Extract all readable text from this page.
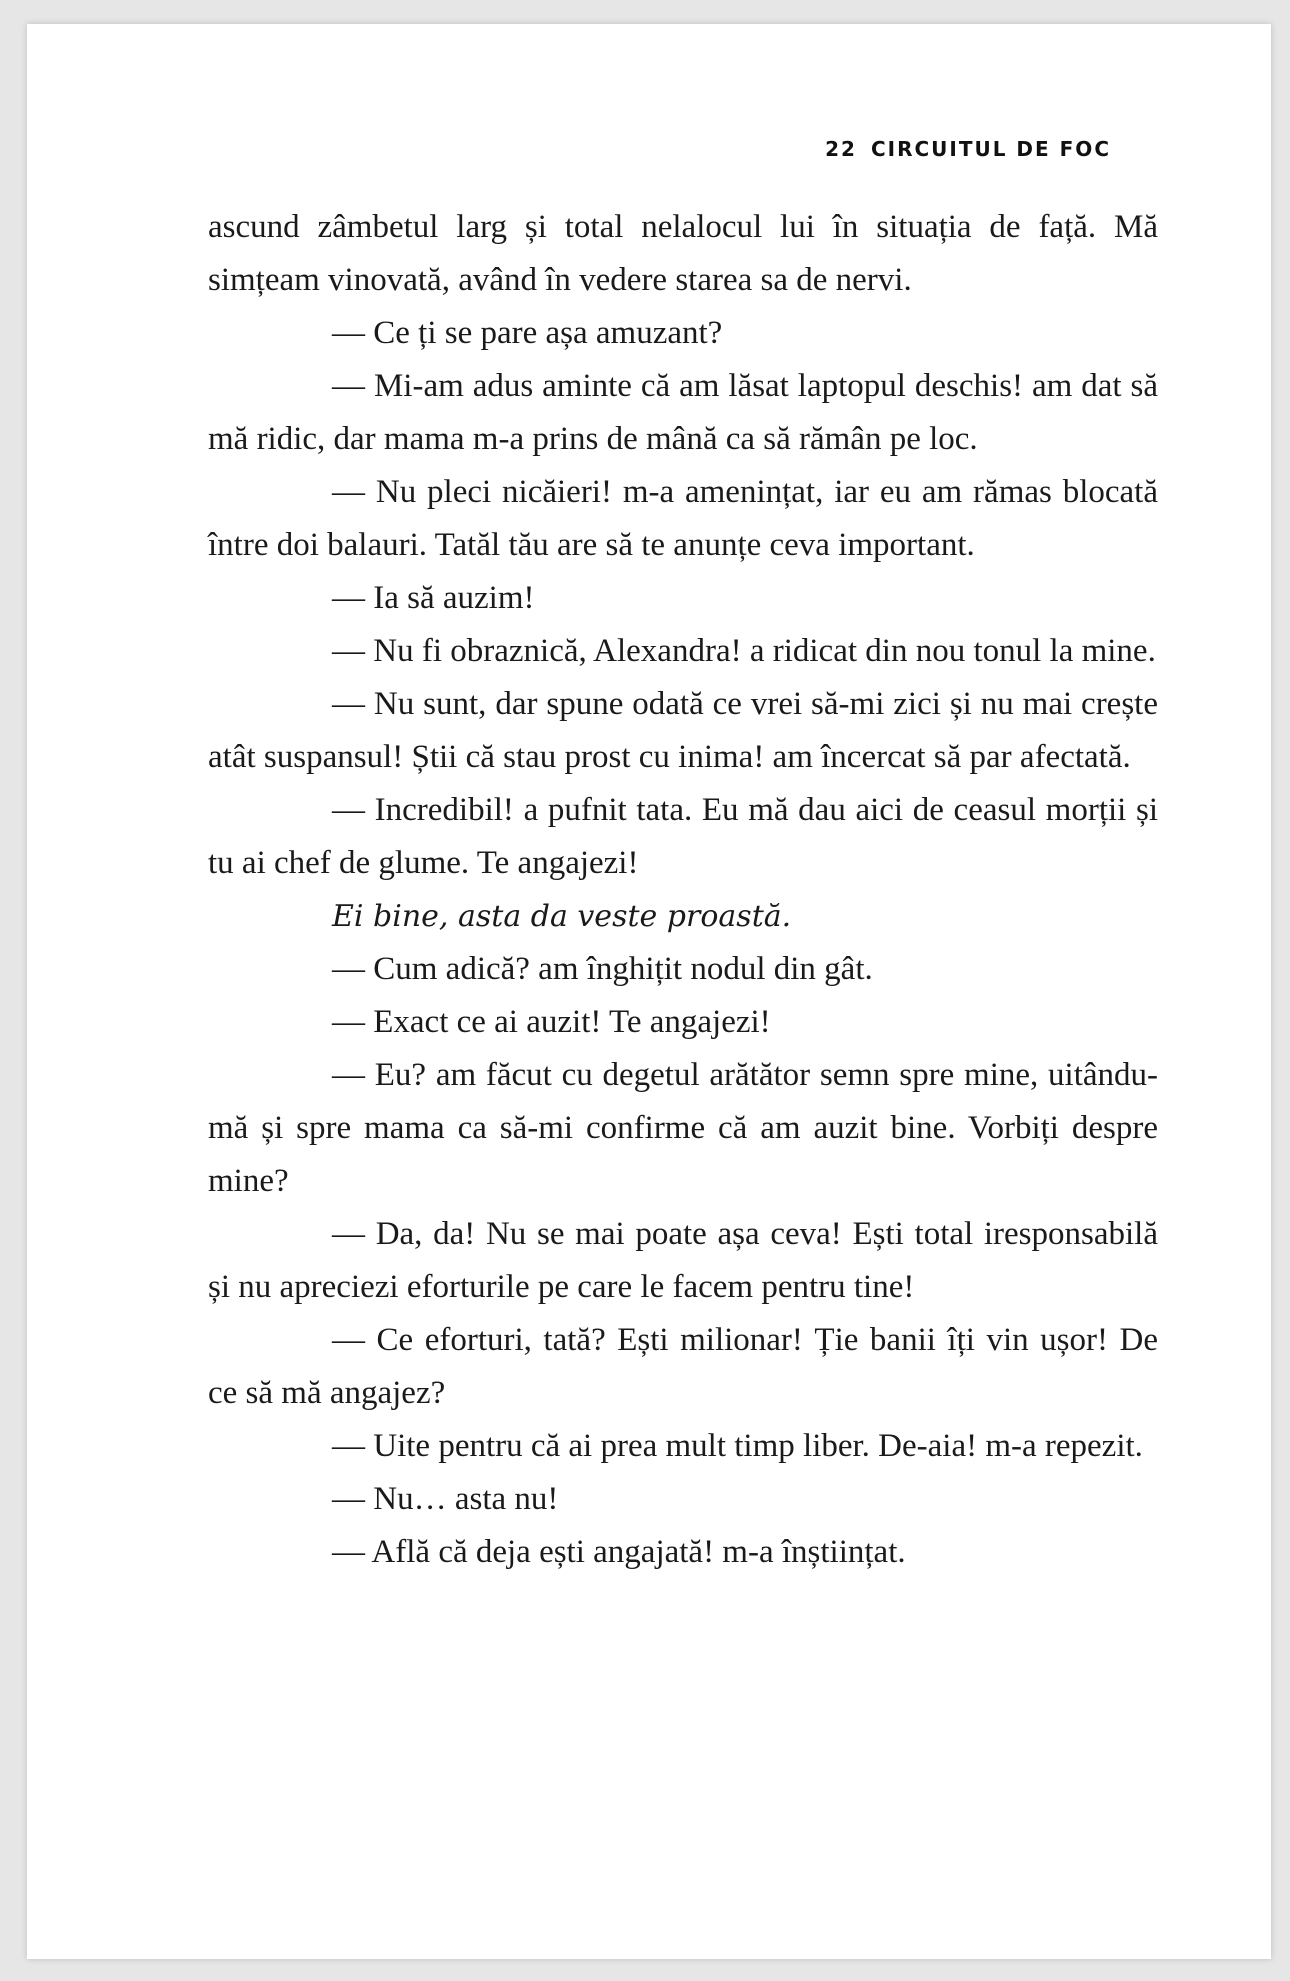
22 CIRCUITUL DE FOC

ascund zâmbetul larg și total nelalocul lui în situația de față. Mă simțeam vinovată, având în vedere starea sa de nervi.

— Ce ți se pare așa amuzant?

— Mi-am adus aminte că am lăsat laptopul deschis! am dat să mă ridic, dar mama m-a prins de mână ca să rămân pe loc.

— Nu pleci nicăieri! m-a amenințat, iar eu am rămas blocată între doi balauri. Tatăl tău are să te anunțe ceva important.

— Ia să auzim!

— Nu fi obraznică, Alexandra! a ridicat din nou tonul la mine.

— Nu sunt, dar spune odată ce vrei să-mi zici și nu mai crește atât suspansul! Știi că stau prost cu inima! am încercat să par afectată.

— Incredibil! a pufnit tata. Eu mă dau aici de ceasul morții și tu ai chef de glume. Te angajezi!

Ei bine, asta da veste proastă.

— Cum adică? am înghițit nodul din gât.

— Exact ce ai auzit! Te angajezi!

— Eu? am făcut cu degetul arătător semn spre mine, uitându-mă și spre mama ca să-mi confirme că am auzit bine. Vorbiți despre mine?

— Da, da! Nu se mai poate așa ceva! Ești total iresponsabilă și nu apreciezi eforturile pe care le facem pentru tine!

— Ce eforturi, tată? Ești milionar! Ție banii îți vin ușor! De ce să mă angajez?

— Uite pentru că ai prea mult timp liber. De-aia! m-a repezit.

— Nu… asta nu!

— Află că deja ești angajată! m-a înștiințat.
